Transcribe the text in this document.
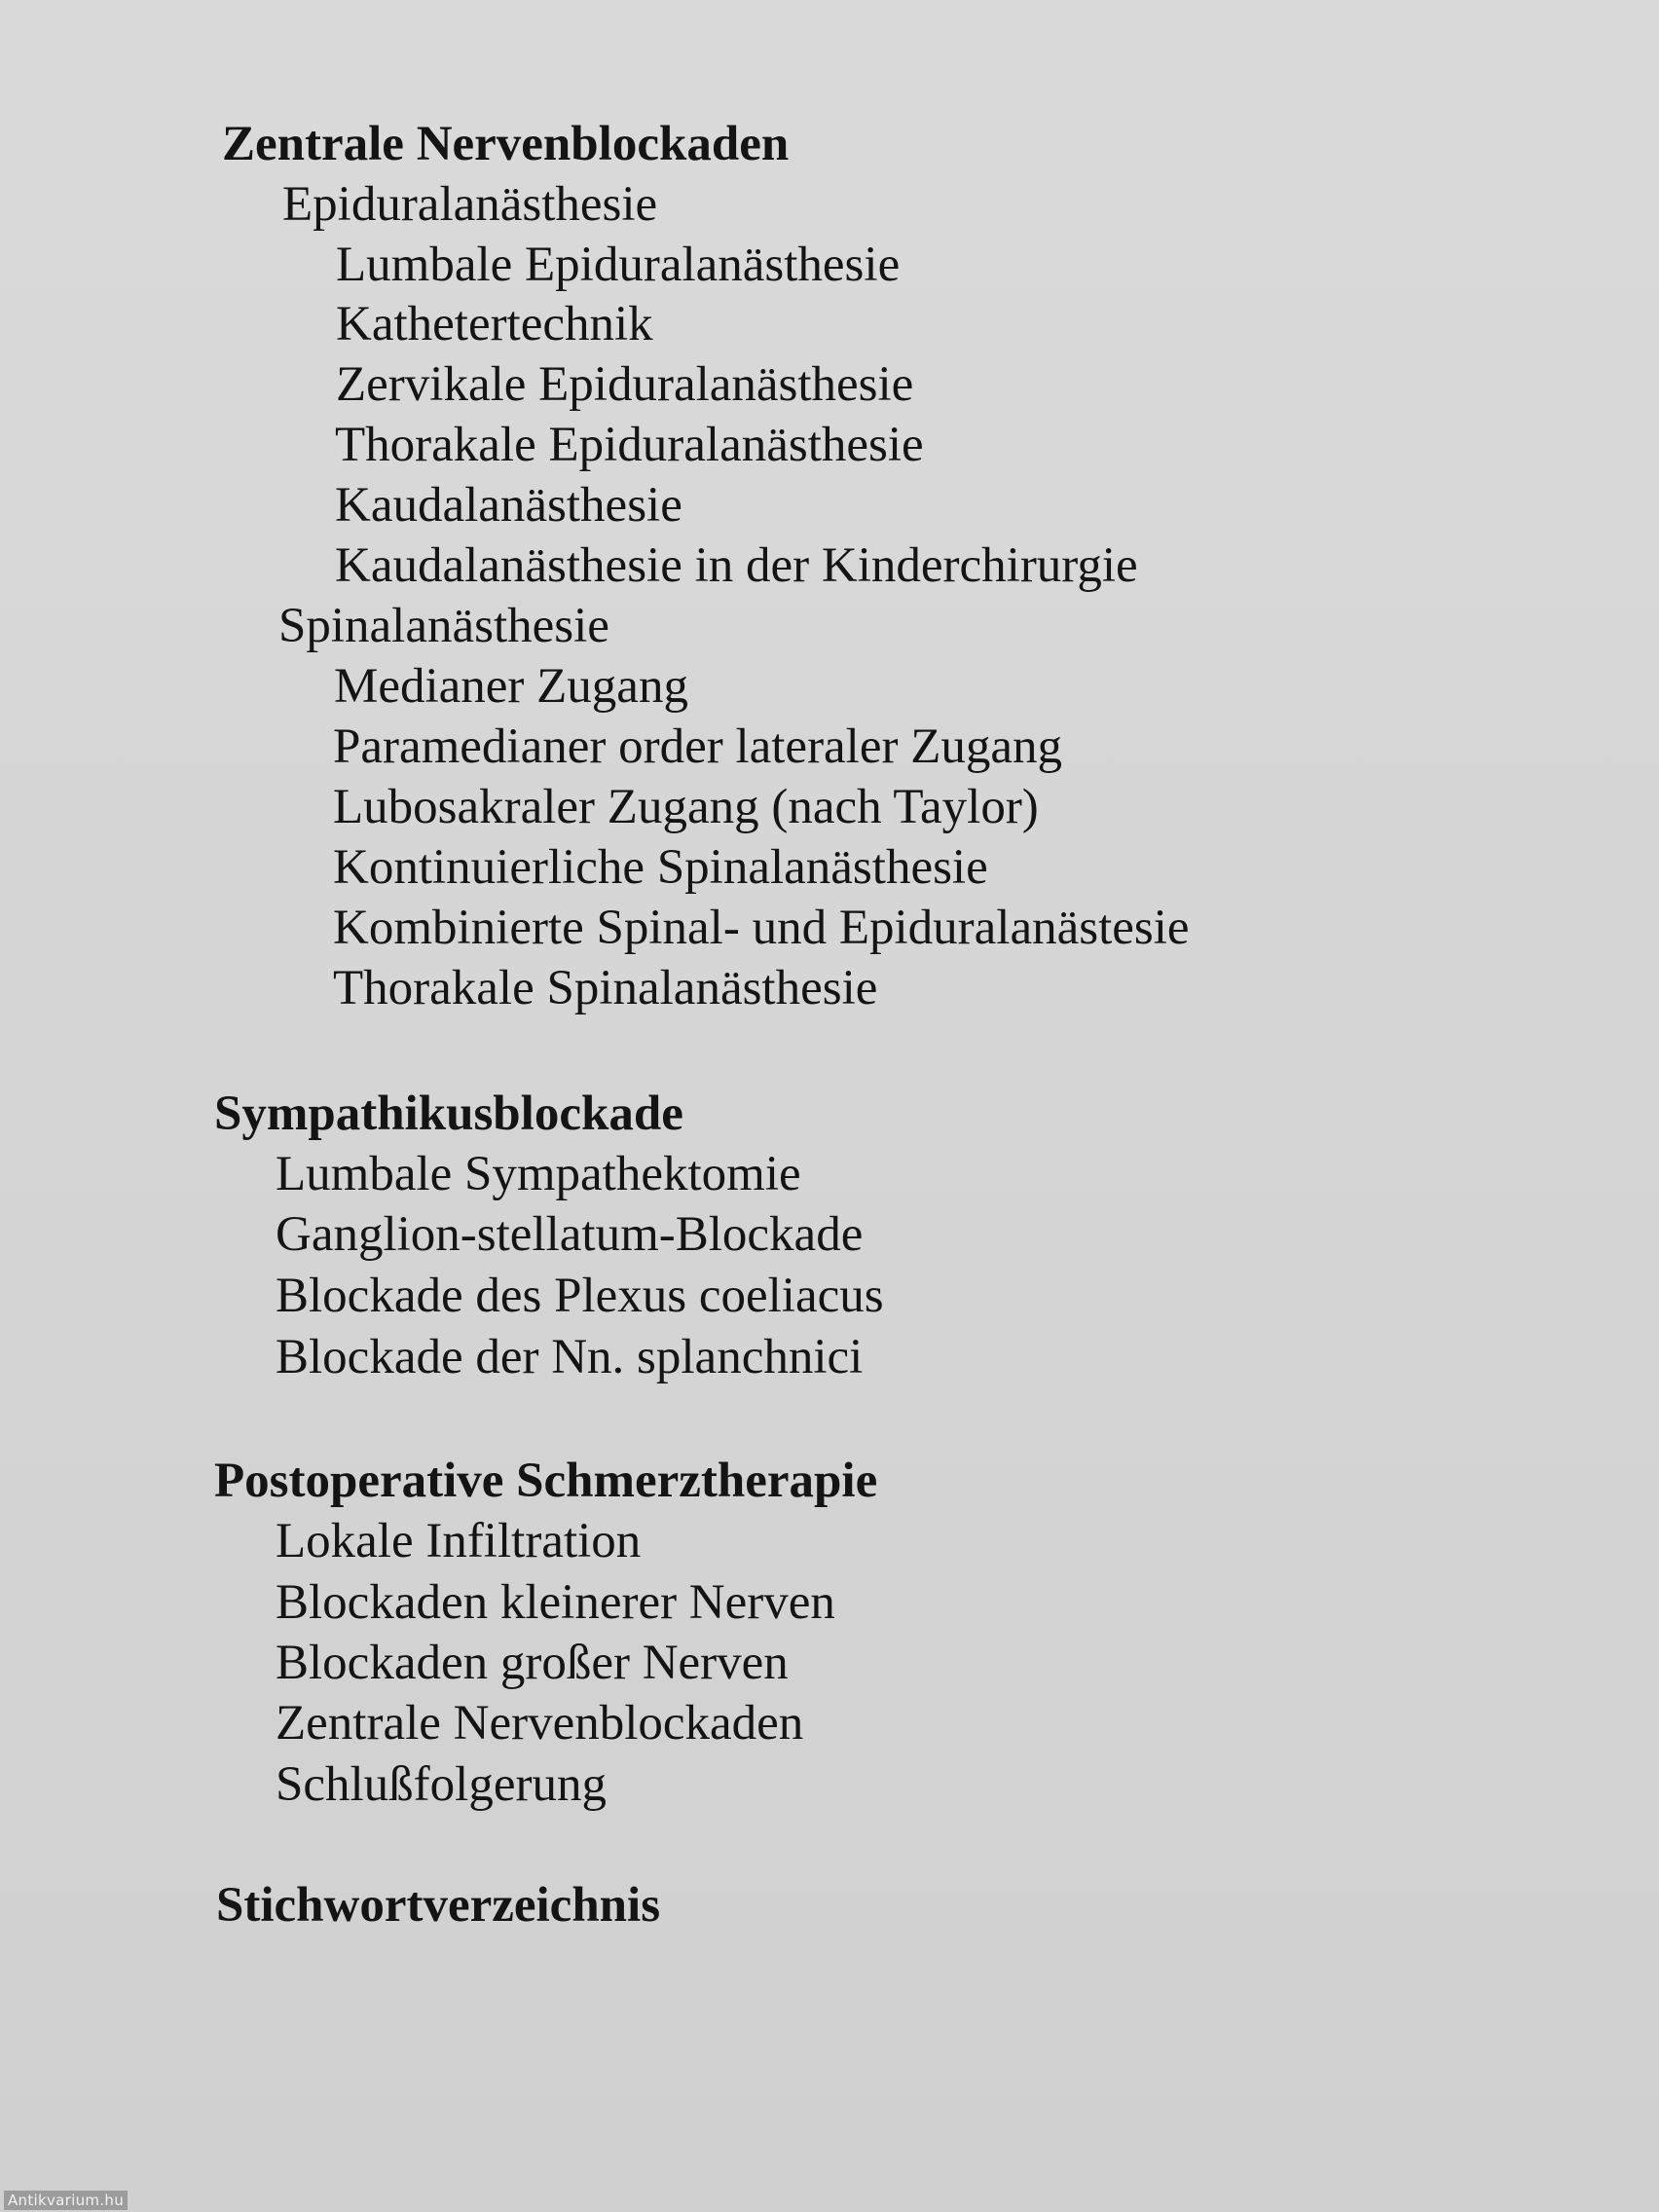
Zentrale Nervenblockaden
Epiduralanästhesie
Lumbale Epiduralanästhesie
Kathetertechnik
Zervikale Epiduralanästhesie
Thorakale Epiduralanästhesie
Kaudalanästhesie
Kaudalanästhesie in der Kinderchirurgie
Spinalanästhesie
Medianer Zugang
Paramedianer order lateraler Zugang
Lubosakraler Zugang (nach Taylor)
Kontinuierliche Spinalanästhesie
Kombinierte Spinal- und Epiduralanästesie
Thorakale Spinalanästhesie
Sympathikusblockade
Lumbale Sympathektomie
Ganglion-stellatum-Blockade
Blockade des Plexus coeliacus
Blockade der Nn. splanchnici
Postoperative Schmerztherapie
Lokale Infiltration
Blockaden kleinerer Nerven
Blockaden großer Nerven
Zentrale Nervenblockaden
Schlußfolgerung
Stichwortverzeichnis
Antikvarium.hu
